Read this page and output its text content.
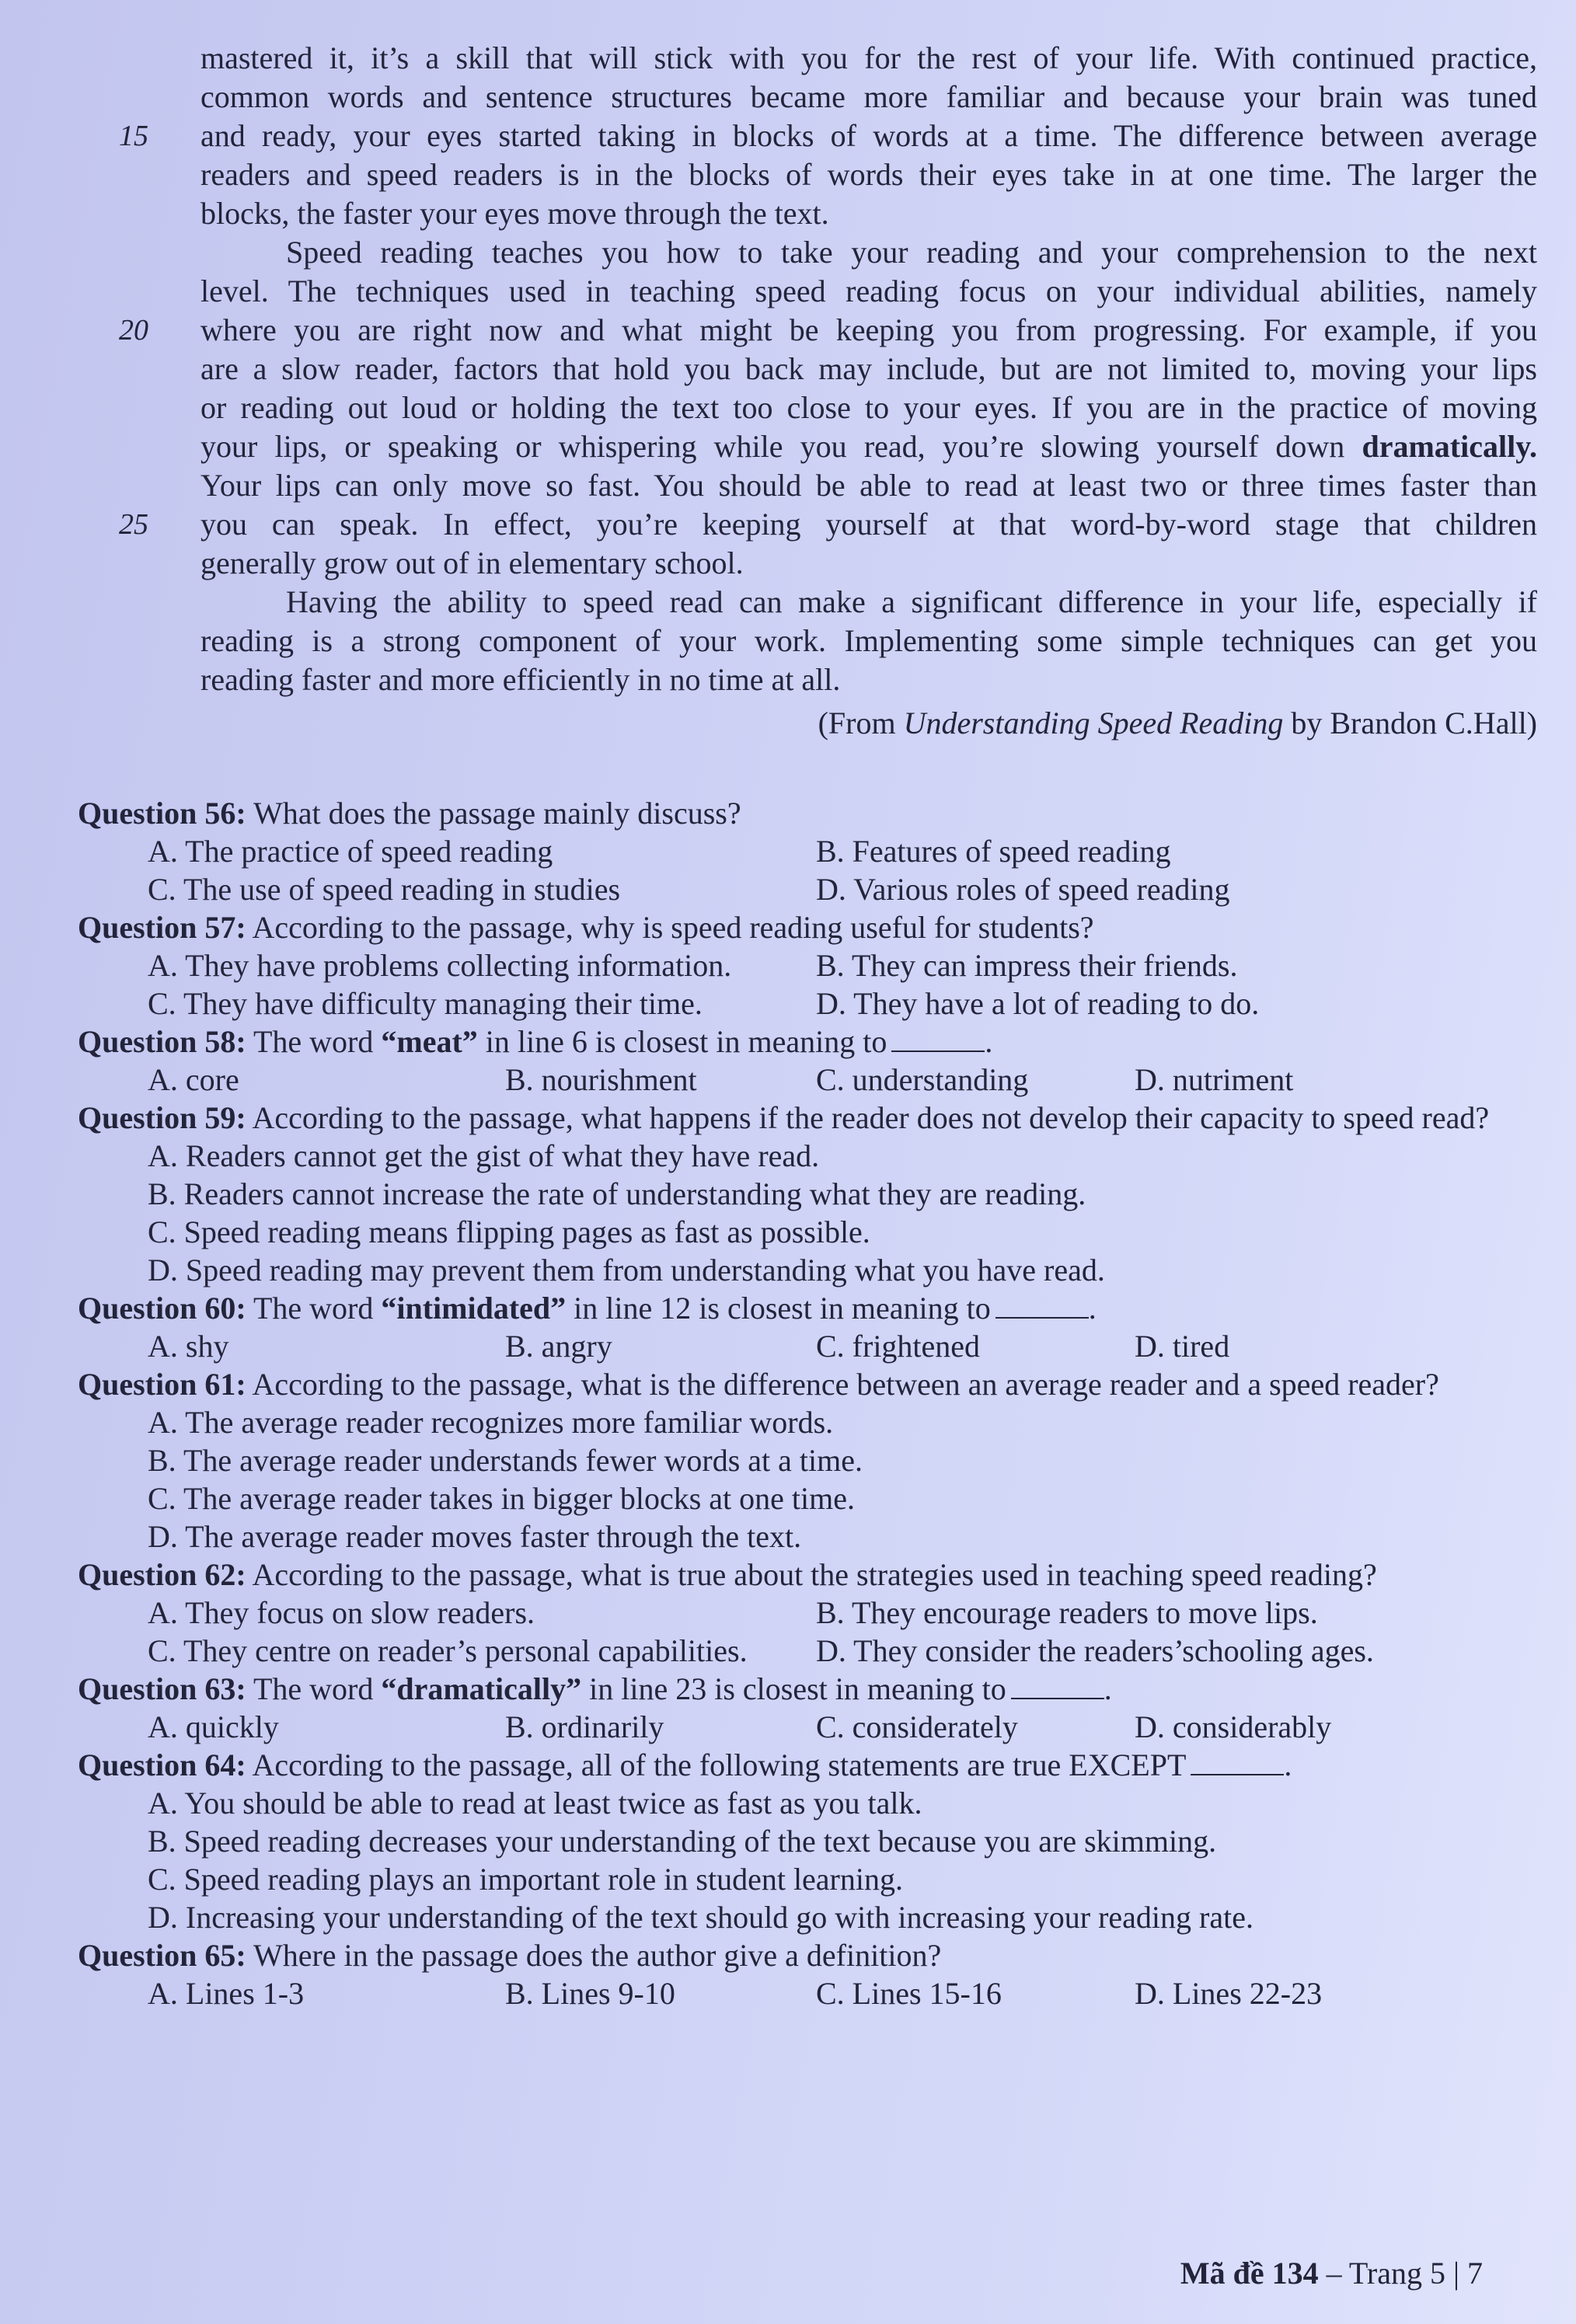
mastered it, it’s a skill that will stick with you for the rest of your life. With continued practice,
common words and sentence structures became more familiar and because your brain was tuned
15 and ready, your eyes started taking in blocks of words at a time. The difference between average
readers and speed readers is in the blocks of words their eyes take in at one time. The larger the
blocks, the faster your eyes move through the text.
Speed reading teaches you how to take your reading and your comprehension to the next
level. The techniques used in teaching speed reading focus on your individual abilities, namely
20 where you are right now and what might be keeping you from progressing. For example, if you
are a slow reader, factors that hold you back may include, but are not limited to, moving your lips
or reading out loud or holding the text too close to your eyes. If you are in the practice of moving
your lips, or speaking or whispering while you read, you’re slowing yourself down dramatically.
Your lips can only move so fast. You should be able to read at least two or three times faster than
25 you can speak. In effect, you’re keeping yourself at that word-by-word stage that children
generally grow out of in elementary school.
Having the ability to speed read can make a significant difference in your life, especially if
reading is a strong component of your work. Implementing some simple techniques can get you
reading faster and more efficiently in no time at all.
(From Understanding Speed Reading by Brandon C.Hall)
Question 56: What does the passage mainly discuss?
A. The practice of speed reading	B. Features of speed reading
C. The use of speed reading in studies	D. Various roles of speed reading
Question 57: According to the passage, why is speed reading useful for students?
A. They have problems collecting information.	B. They can impress their friends.
C. They have difficulty managing their time.	D. They have a lot of reading to do.
Question 58: The word “meat” in line 6 is closest in meaning to	.
A. core	B. nourishment	C. understanding	D. nutriment
Question 59: According to the passage, what happens if the reader does not develop their capacity to speed read?
A. Readers cannot get the gist of what they have read.
B. Readers cannot increase the rate of understanding what they are reading.
C. Speed reading means flipping pages as fast as possible.
D. Speed reading may prevent them from understanding what you have read.
Question 60: The word “intimidated” in line 12 is closest in meaning to	.
A. shy	B. angry	C. frightened	D. tired
Question 61: According to the passage, what is the difference between an average reader and a speed reader?
A. The average reader recognizes more familiar words.
B. The average reader understands fewer words at a time.
C. The average reader takes in bigger blocks at one time.
D. The average reader moves faster through the text.
Question 62: According to the passage, what is true about the strategies used in teaching speed reading?
A. They focus on slow readers.	B. They encourage readers to move lips.
C. They centre on reader’s personal capabilities.	D. They consider the readers’schooling ages.
Question 63: The word “dramatically” in line 23 is closest in meaning to	.
A. quickly	B. ordinarily	C. considerately	D. considerably
Question 64: According to the passage, all of the following statements are true EXCEPT	.
A. You should be able to read at least twice as fast as you talk.
B. Speed reading decreases your understanding of the text because you are skimming.
C. Speed reading plays an important role in student learning.
D. Increasing your understanding of the text should go with increasing your reading rate.
Question 65: Where in the passage does the author give a definition?
A. Lines 1-3	B. Lines 9-10	C. Lines 15-16	D. Lines 22-23
Mã đề 134 – Trang 5 | 7
